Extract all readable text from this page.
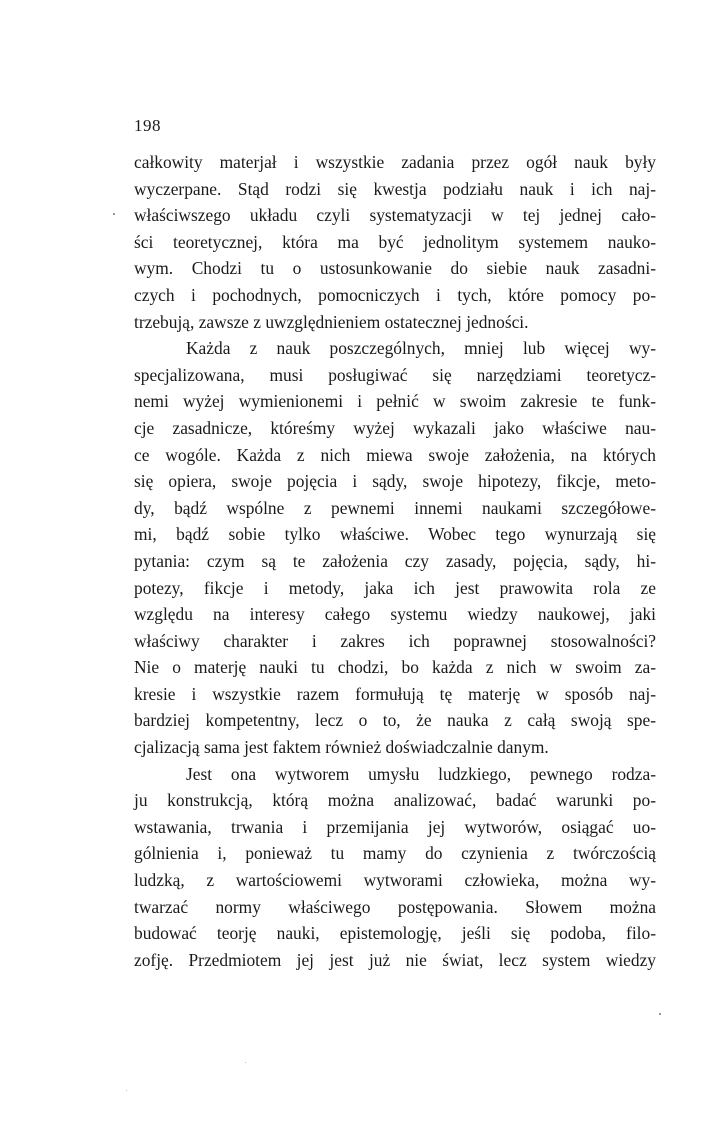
198
całkowity materjał i wszystkie zadania przez ogół nauk były
wyczerpane. Stąd rodzi się kwestja podziału nauk i ich naj-
właściwszego układu czyli systematyzacji w tej jednej cało-
ści teoretycznej, która ma być jednolitym systemem nauko-
wym. Chodzi tu o ustosunkowanie do siebie nauk zasadni-
czych i pochodnych, pomocniczych i tych, które pomocy po-
trzebują, zawsze z uwzględnieniem ostatecznej jedności.
Każda z nauk poszczególnych, mniej lub więcej wy-
specjalizowana, musi posługiwać się narzędziami teoretycz-
nemi wyżej wymienionemi i pełnić w swoim zakresie te funk-
cje zasadnicze, któreśmy wyżej wykazali jako właściwe nau-
ce wogóle. Każda z nich miewa swoje założenia, na których
się opiera, swoje pojęcia i sądy, swoje hipotezy, fikcje, meto-
dy, bądź wspólne z pewnemi innemi naukami szczegółowe-
mi, bądź sobie tylko właściwe. Wobec tego wynurzają się
pytania: czym są te założenia czy zasady, pojęcia, sądy, hi-
potezy, fikcje i metody, jaka ich jest prawowita rola ze
względu na interesy całego systemu wiedzy naukowej, jaki
właściwy charakter i zakres ich poprawnej stosowalności?
Nie o materję nauki tu chodzi, bo każda z nich w swoim za-
kresie i wszystkie razem formułują tę materję w sposób naj-
bardziej kompetentny, lecz o to, że nauka z całą swoją spe-
cjalizacją sama jest faktem również doświadczalnie danym.
Jest ona wytworem umysłu ludzkiego, pewnego rodza-
ju konstrukcją, którą można analizować, badać warunki po-
wstawania, trwania i przemijania jej wytworów, osiągać uo-
gólnienia i, ponieważ tu mamy do czynienia z twórczością
ludzką, z wartościowemi wytworami człowieka, można wy-
twarzać normy właściwego postępowania. Słowem można
budować teorję nauki, epistemologję, jeśli się podoba, filo-
zofję. Przedmiotem jej jest już nie świat, lecz system wiedzy
